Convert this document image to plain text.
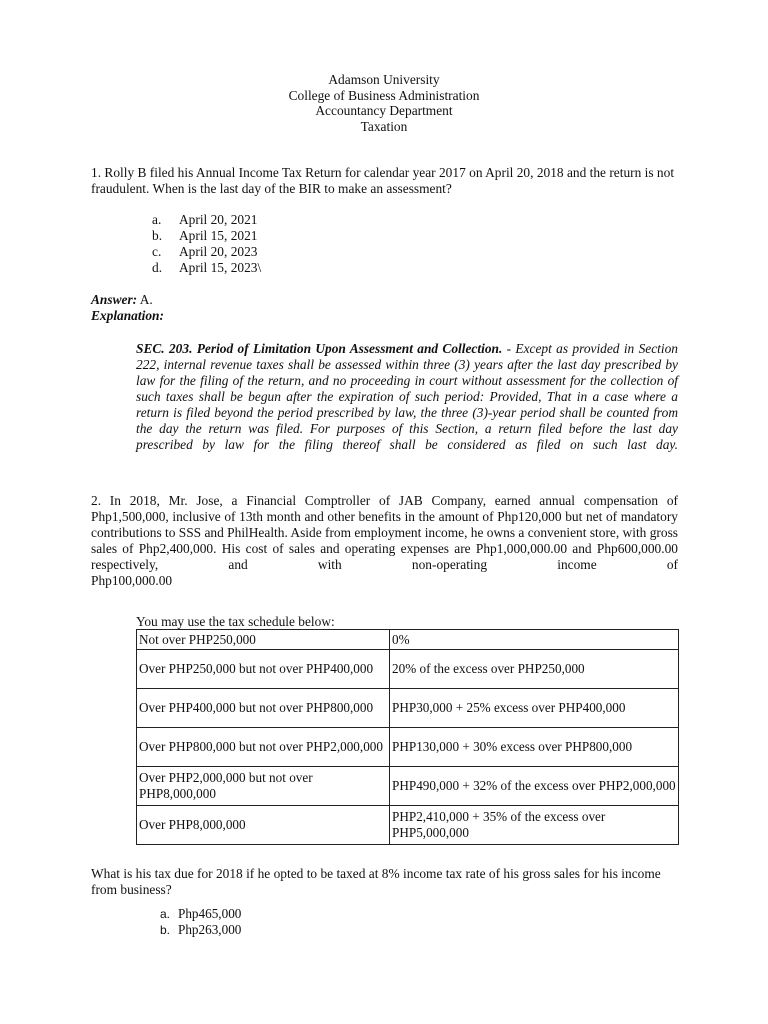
Adamson University
College of Business Administration
Accountancy Department
Taxation
1. Rolly B filed his Annual Income Tax Return for calendar year 2017 on April 20, 2018 and the return is not fraudulent. When is the last day of the BIR to make an assessment?
a. April 20, 2021
b. April 15, 2021
c. April 20, 2023
d. April 15, 2023\
Answer: A.
Explanation:
SEC. 203. Period of Limitation Upon Assessment and Collection. - Except as provided in Section 222, internal revenue taxes shall be assessed within three (3) years after the last day prescribed by law for the filing of the return, and no proceeding in court without assessment for the collection of such taxes shall be begun after the expiration of such period: Provided, That in a case where a return is filed beyond the period prescribed by law, the three (3)-year period shall be counted from the day the return was filed. For purposes of this Section, a return filed before the last day prescribed by law for the filing thereof shall be considered as filed on such last day.
2. In 2018, Mr. Jose, a Financial Comptroller of JAB Company, earned annual compensation of Php1,500,000, inclusive of 13th month and other benefits in the amount of Php120,000 but net of mandatory contributions to SSS and PhilHealth. Aside from employment income, he owns a convenient store, with gross sales of Php2,400,000. His cost of sales and operating expenses are Php1,000,000.00 and Php600,000.00 respectively, and with non-operating income of
Php100,000.00
You may use the tax schedule below:
Not over PHP250,000	0%
Over PHP250,000 but not over PHP400,000	20% of the excess over PHP250,000
Over PHP400,000 but not over PHP800,000	PHP30,000 + 25% excess over PHP400,000
Over PHP800,000 but not over PHP2,000,000	PHP130,000 + 30% excess over PHP800,000
Over PHP2,000,000 but not over PHP8,000,000	PHP490,000 + 32% of the excess over PHP2,000,000
Over PHP8,000,000	PHP2,410,000 + 35% of the excess over PHP5,000,000
What is his tax due for 2018 if he opted to be taxed at 8% income tax rate of his gross sales for his income from business?
a. Php465,000
b. Php263,000
